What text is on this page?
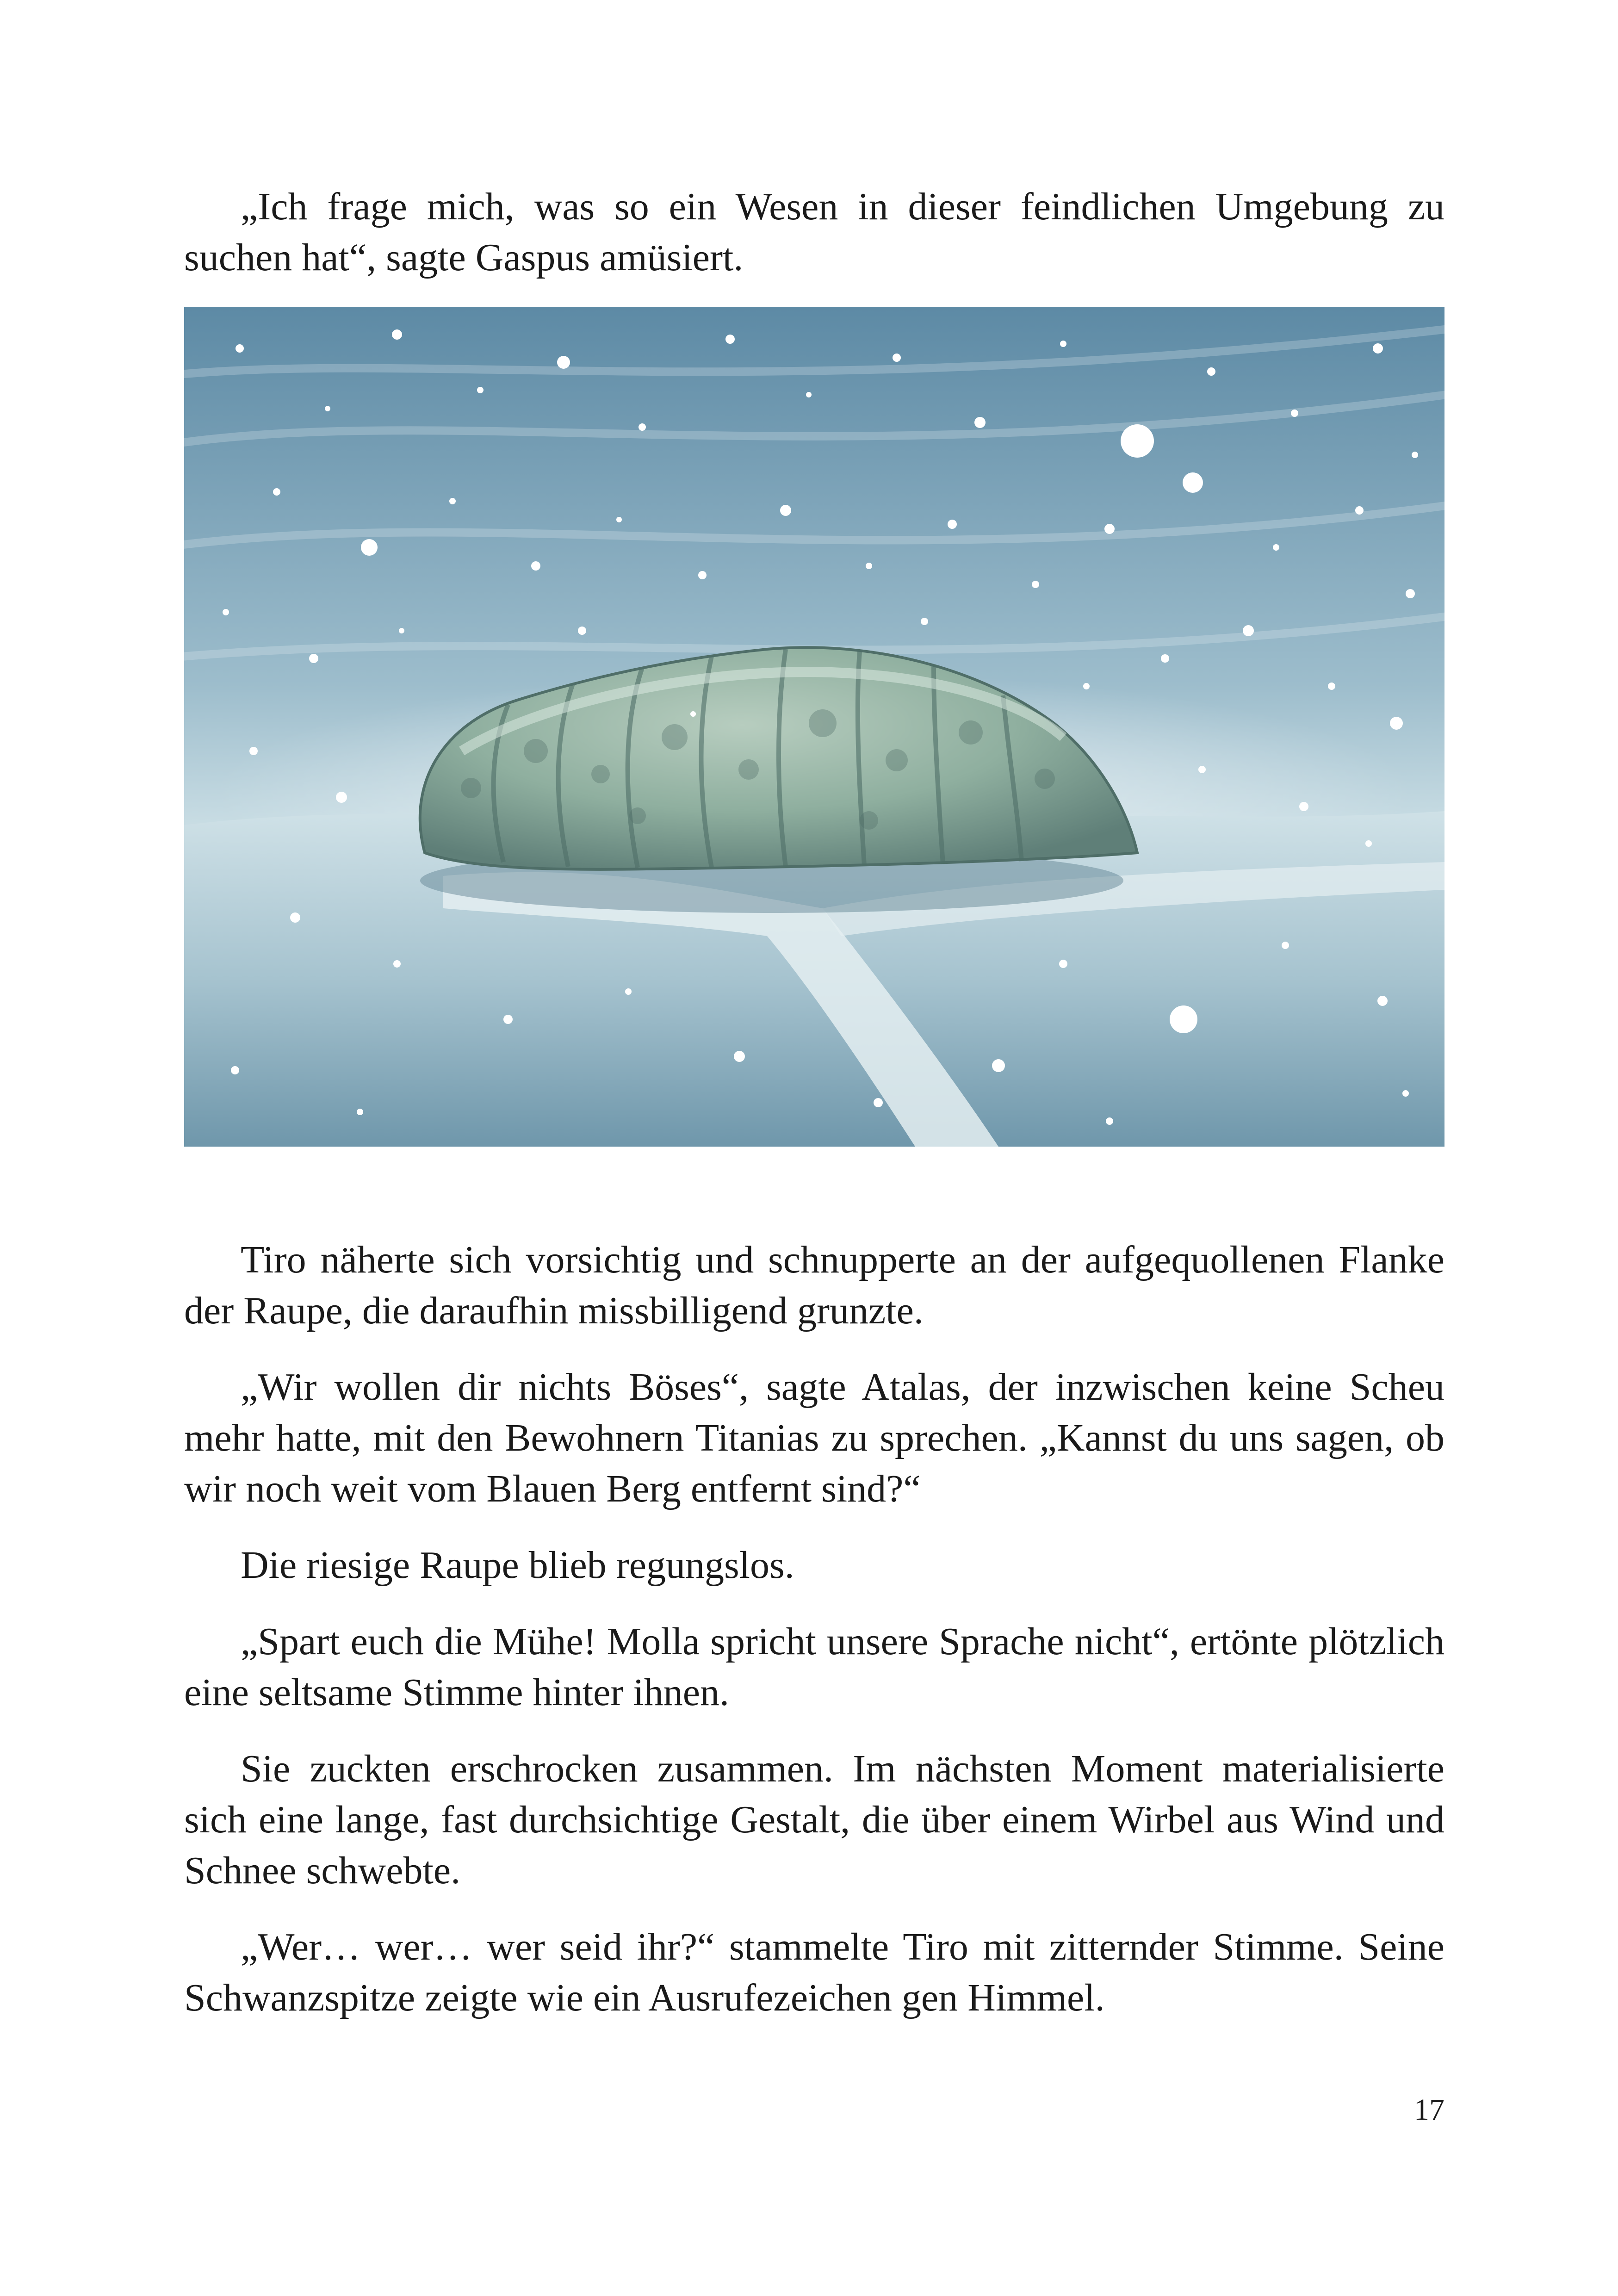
„Ich frage mich, was so ein Wesen in dieser feindlichen Umgebung zu suchen hat“, sagte Gaspus amüsiert.

Tiro näherte sich vorsichtig und schnupperte an der aufgequollenen Flanke der Raupe, die daraufhin missbilligend grunzte.

„Wir wollen dir nichts Böses“, sagte Atalas, der inzwischen keine Scheu mehr hatte, mit den Bewohnern Titanias zu sprechen. „Kannst du uns sagen, ob wir noch weit vom Blauen Berg entfernt sind?“

Die riesige Raupe blieb regungslos.

„Spart euch die Mühe! Molla spricht unsere Sprache nicht“, ertönte plötzlich eine seltsame Stimme hinter ihnen.

Sie zuckten erschrocken zusammen. Im nächsten Moment materialisierte sich eine lange, fast durchsichtige Gestalt, die über einem Wirbel aus Wind und Schnee schwebte.

„Wer… wer… wer seid ihr?“ stammelte Tiro mit zitternder Stimme. Seine Schwanzspitze zeigte wie ein Ausrufezeichen gen Himmel.

17
